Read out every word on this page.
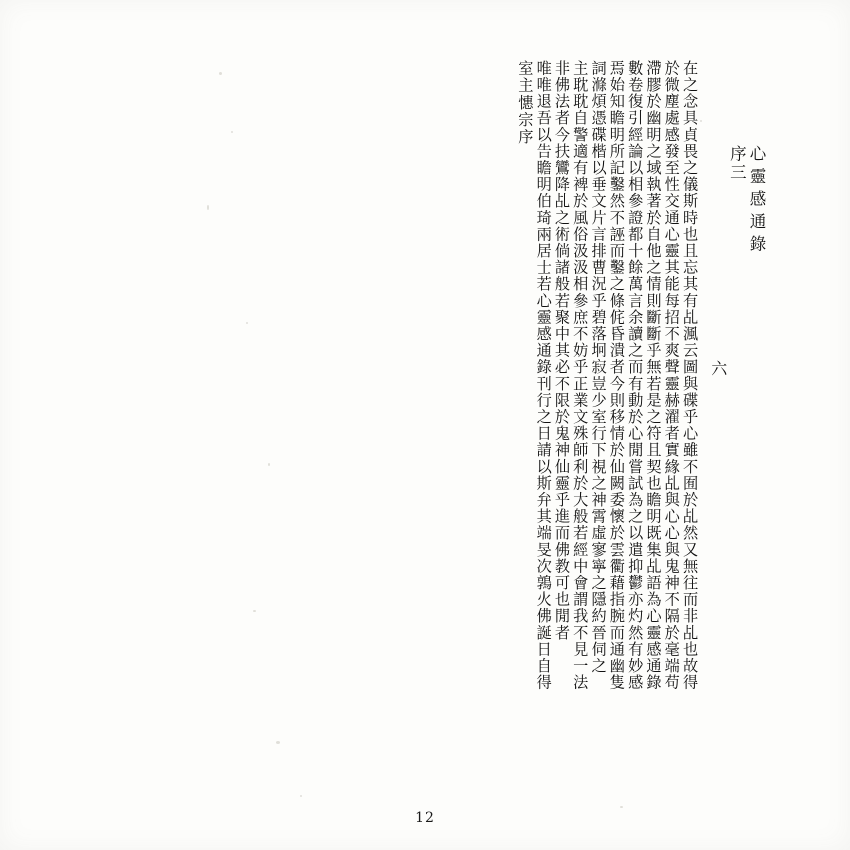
心靈感通錄
序三
六
在之念具貞畏之儀斯時也且忘其有乩渢云圖與碟乎心雖不囿於乩然又無往而非乩也故得
於微塵處感發至性交通心靈其能每招不爽聲靈赫濯者實緣乩與心心與鬼神不隔於毫端苟
滯膠於幽明之域執著於自他之情則斷斷乎無若是之符且契也瞻明既集乩語為心靈感通錄
數卷復引經論以相參證都十餘萬言余讀之而有動於心閒嘗試為之以遣抑鬱亦灼然有妙感
焉始知瞻明所記鑿然不誣而鑿之條侂昏潰者今則移情於仙闕委懷於雲衢藉指腕而通幽隻
詞滌煩憑碟楷以垂文片言排曹況乎碧落坰寂豈少室行下視之神霄虛寥寧之隱約晉伺之
主耽耽自警適有裨於風俗汲汲相參庶不妨乎正業文殊師利於大般若經中會謂我不見一法
非佛法者今扶鸞降乩之術倘諸般若聚中其必不限於鬼神仙靈乎進而佛教可也閒者
唯唯退吾以告瞻明伯琦兩居士若心靈感通錄刊行之日請以斯弁其端旻次鶉火佛誕日自得
室主憓宗序
12
